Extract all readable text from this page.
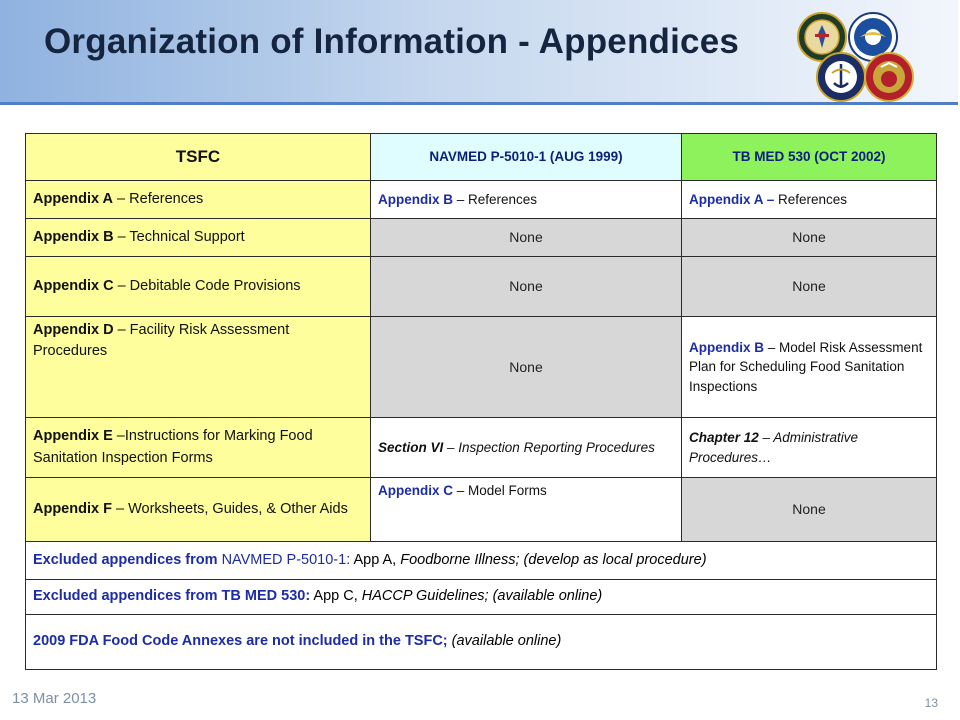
Organization of Information - Appendices
TSFC	NAVMED P-5010-1 (AUG 1999)	TB MED 530 (OCT 2002)
Appendix A – References	Appendix B – References	Appendix A – References
Appendix B – Technical Support	None	None
Appendix C – Debitable Code Provisions	None	None
Appendix D – Facility Risk Assessment Procedures	None	Appendix B – Model Risk Assessment Plan for Scheduling Food Sanitation Inspections
Appendix E –Instructions for Marking Food Sanitation Inspection Forms	Section VI – Inspection Reporting Procedures	Chapter 12 – Administrative Procedures…
Appendix F – Worksheets, Guides, & Other Aids	Appendix C – Model Forms	None
Excluded appendices from NAVMED P-5010-1: App A, Foodborne Illness; (develop as local procedure)		
Excluded appendices from TB MED 530: App C, HACCP Guidelines; (available online)		
2009 FDA Food Code Annexes are not included in the TSFC; (available online)		
13 Mar 2013	13
